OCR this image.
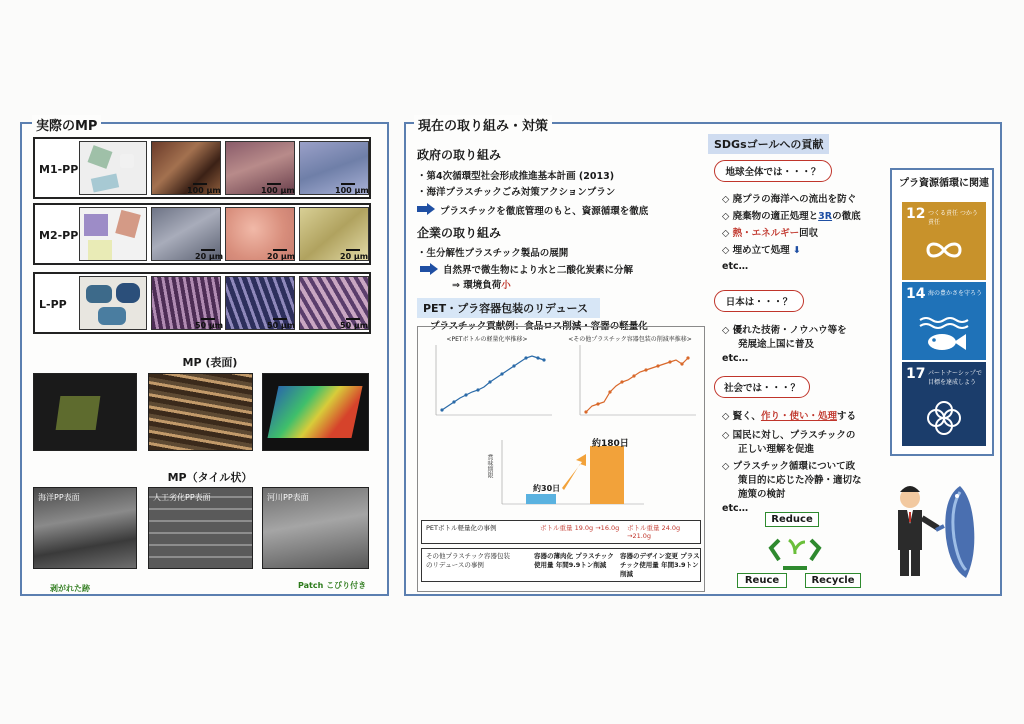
実際のMP
M1-PP
100 µm	100 µm	100 µm
M2-PP
20 µm	20 µm	20 µm
L-PP
50 µm	50 µm	50 µm
MP (表面)
MP（タイル状）
海洋PP表面	人工劣化PP表面	河川PP表面
剥がれた跡	Patch こびり付き
現在の取り組み・対策
政府の取り組み
・第4次循環型社会形成推進基本計画 (2013)
・海洋プラスチックごみ対策アクションプラン
プラスチックを徹底管理のもと、資源循環を徹底
企業の取り組み
・生分解性プラスチック製品の展開
自然界で微生物により水と二酸化炭素に分解
⇒ 環境負荷小
PET・プラ容器包装のリデュース
プラスチック貢献例：食品ロス削減・容器の軽量化
<PETボトルの軽量化率推移>	<その他プラスチック容器包装の削減率推移>
賞味期限
約30日
約180日
PETボトル軽量化の事例	ボトル重量 19.0g →16.0g ボトル重量 24.0g →21.0g
その他プラスチック容器包装のリデュースの事例
容器の薄肉化 プラスチック使用量 年間9.9トン削減
容器のデザイン変更 プラスチック使用量 年間3.9トン削減
SDGsゴールへの貢献
地球全体では・・・？
◇ 廃プラの海洋への流出を防ぐ
◇ 廃棄物の適正処理と3Rの徹底
◇ 熱・エネルギー回収
◇ 埋め立て処理 ⬇
etc…
日本は・・・？
◇ 優れた技術・ノウハウ等を
発展途上国に普及
etc…
社会では・・・？
◇ 賢く、作り・使い・処理する
◇ 国民に対し、プラスチックの
正しい理解を促進
◇ プラスチック循環について政
策目的に応じた冷静・適切な
施策の検討
etc…
プラ資源循環に関連
12 つくる責任 つかう責任
14 海の豊かさを守ろう
17 パートナーシップで目標を達成しよう
Reduce
Reuce	Recycle
